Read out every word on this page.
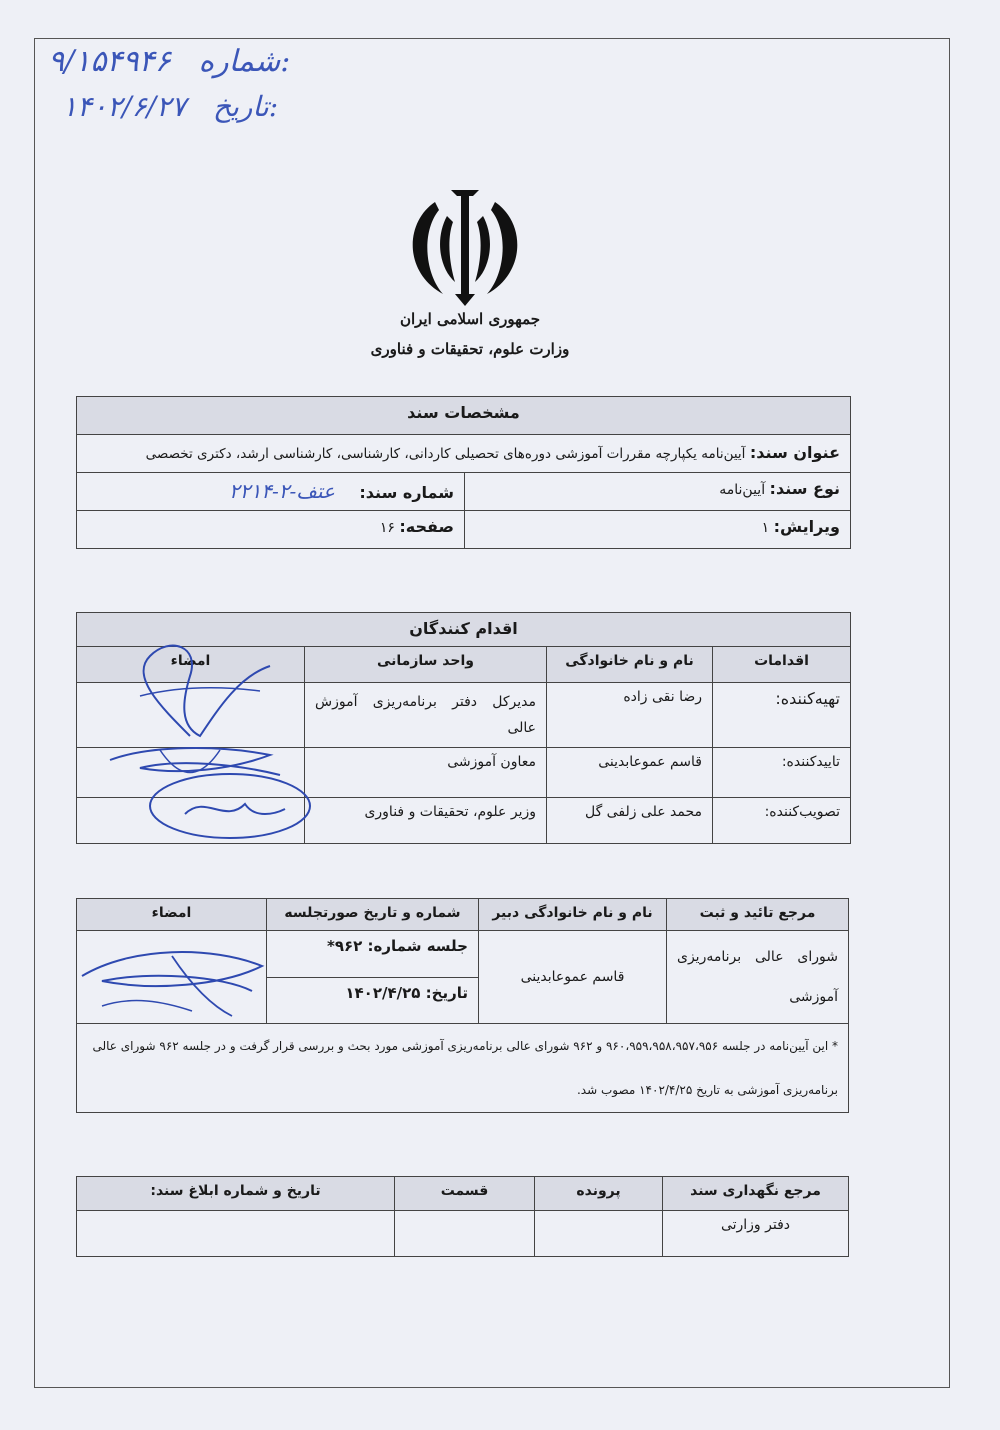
۹/۱۵۴۹۴۶ شماره:
۱۴۰۲/۶/۲۷ تاریخ:
جمهوری اسلامی ایران
وزارت علوم، تحقیقات و فناوری
مشخصات سند	
عنوان سند: آیین‌نامه یکپارچه مقررات آموزشی دوره‌های تحصیلی کاردانی، کارشناسی، کارشناسی ارشد، دکتری تخصصی	
نوع سند: آیین‌نامه	شماره سند: عتف-۲-۲۲۱۴
ویرایش: ۱	صفحه: ۱۶
اقدام کنندگان			
اقدامات	نام و نام خانوادگی	واحد سازمانی	امضاء
تهیه‌کننده:	رضا نقی زاده	مدیرکل دفتر برنامه‌ریزی آموزش عالی	
تایید‌کننده:	قاسم عموعابدینی	معاون آموزشی	
تصویب‌کننده:	محمد علی زلفی گل	وزیر علوم، تحقیقات و فناوری	
مرجع تائید و ثبت	نام و نام خانوادگی دبیر	شماره و تاریخ صورتجلسه	امضاء
شورای عالی برنامه‌ریزی آموزشی	قاسم عموعابدینی	جلسه شماره: ۹۶۲*	
		تاریخ: ۱۴۰۲/۴/۲۵	
* این آیین‌نامه در جلسه ۹۶۰،۹۵۹،۹۵۸،۹۵۷،۹۵۶ و ۹۶۲ شورای عالی برنامه‌ریزی آموزشی مورد بحث و بررسی قرار گرفت و در جلسه ۹۶۲ شورای عالی برنامه‌ریزی آموزشی به تاریخ ۱۴۰۲/۴/۲۵ مصوب شد.			
مرجع نگهداری سند	پرونده	قسمت	تاریخ و شماره ابلاغ سند:
دفتر وزارتی			
